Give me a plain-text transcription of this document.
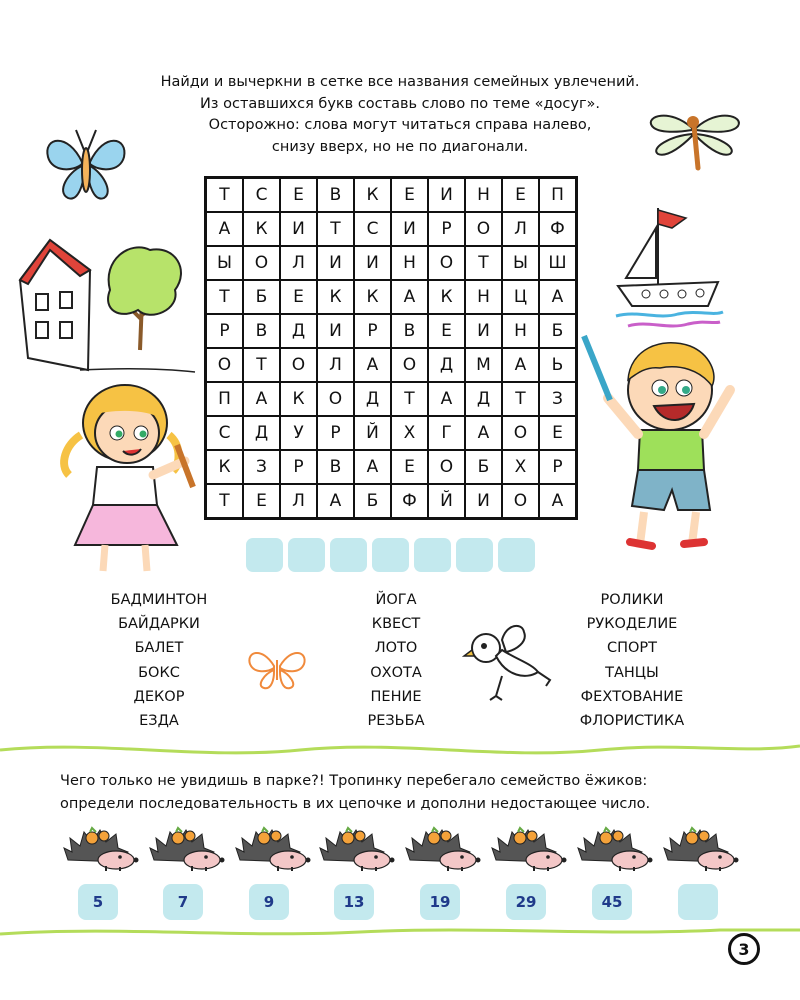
Найди и вычеркни в сетке все названия семейных увлечений.
Из оставшихся букв составь слово по теме «досуг».
Осторожно: слова могут читаться справа налево,
снизу вверх, но не по диагонали.
Т	С	Е	В	К	Е	И	Н	Е	П
А	К	И	Т	С	И	Р	О	Л	Ф
Ы	О	Л	И	И	Н	О	Т	Ы	Ш
Т	Б	Е	К	К	А	К	Н	Ц	А
Р	В	Д	И	Р	В	Е	И	Н	Б
О	Т	О	Л	А	О	Д	М	А	Ь
П	А	К	О	Д	Т	А	Д	Т	З
С	Д	У	Р	Й	Х	Г	А	О	Е
К	З	Р	В	А	Е	О	Б	Х	Р
Т	Е	Л	А	Б	Ф	Й	И	О	А
БАДМИНТОН
БАЙДАРКИ
БАЛЕТ
БОКС
ДЕКОР
ЕЗДА
ЙОГА
КВЕСТ
ЛОТО
ОХОТА
ПЕНИЕ
РЕЗЬБА
РОЛИКИ
РУКОДЕЛИЕ
СПОРТ
ТАНЦЫ
ФЕХТОВАНИЕ
ФЛОРИСТИКА
Чего только не увидишь в парке?! Тропинку перебегало семейство ёжиков:
определи последовательность в их цепочке и дополни недостающее число.
5	7	9	13	19	29	45
3
